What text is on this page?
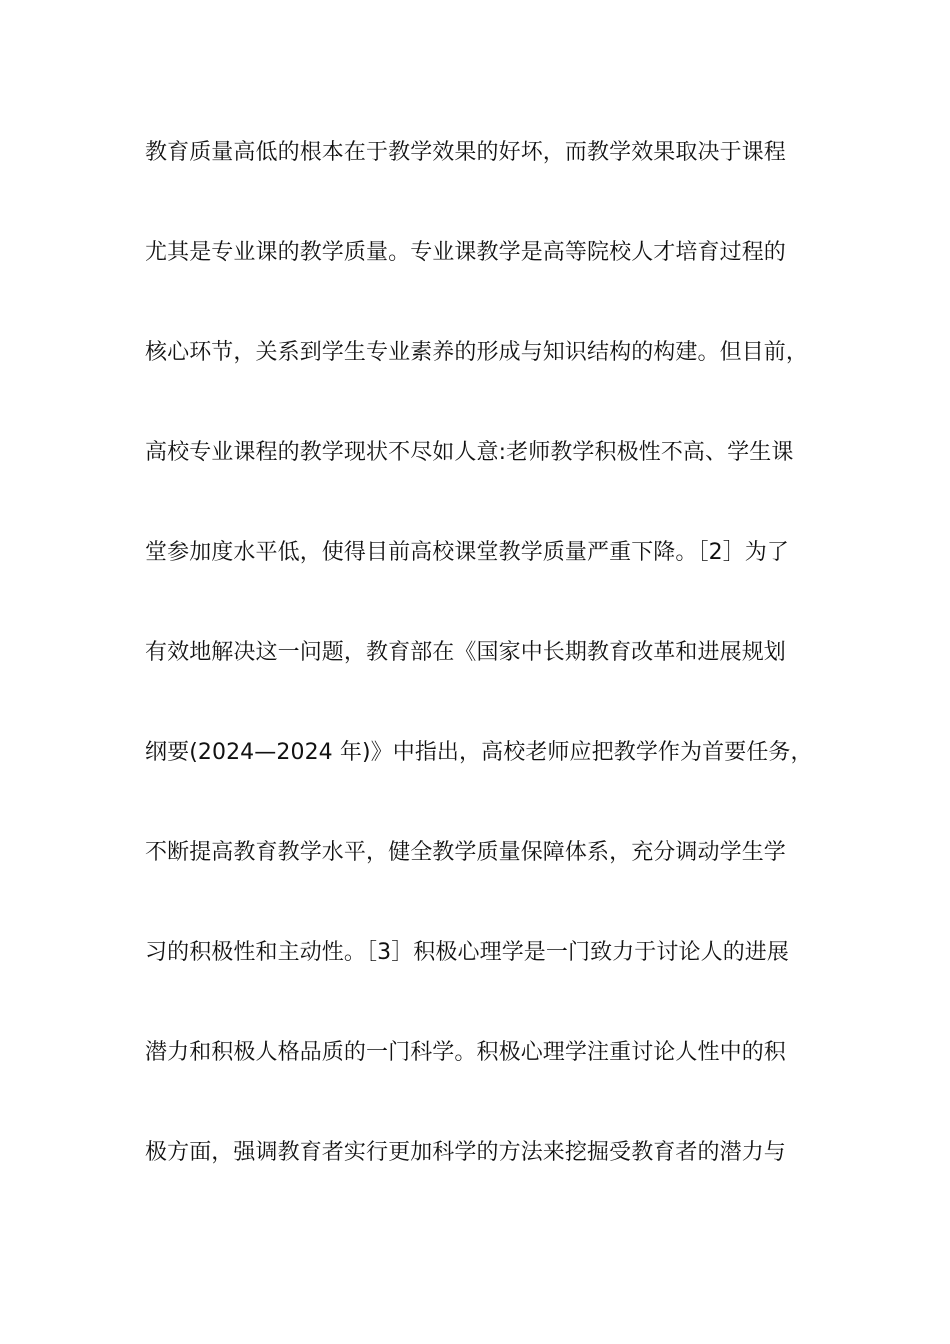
教育质量高低的根本在于教学效果的好坏，而教学效果取决于课程
尤其是专业课的教学质量。专业课教学是高等院校人才培育过程的
核心环节，关系到学生专业素养的形成与知识结构的构建。但目前，
高校专业课程的教学现状不尽如人意:老师教学积极性不高、学生课
堂参加度水平低，使得目前高校课堂教学质量严重下降。［2］为了
有效地解决这一问题，教育部在《国家中长期教育改革和进展规划
纲要(2024—2024 年)》中指出，高校老师应把教学作为首要任务，
不断提高教育教学水平，健全教学质量保障体系，充分调动学生学
习的积极性和主动性。［3］积极心理学是一门致力于讨论人的进展
潜力和积极人格品质的一门科学。积极心理学注重讨论人性中的积
极方面，强调教育者实行更加科学的方法来挖掘受教育者的潜力与
